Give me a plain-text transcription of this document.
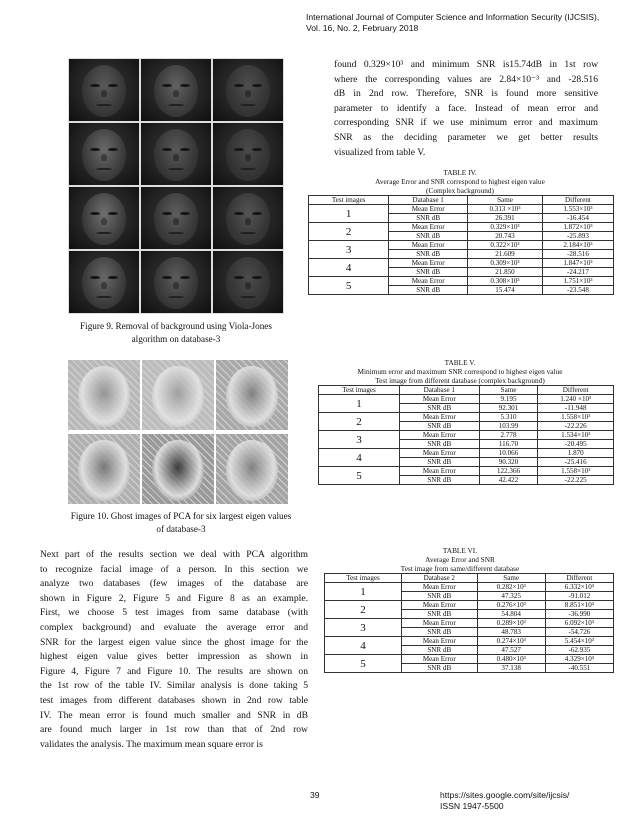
International Journal of Computer Science and Information Security (IJCSIS),
Vol. 16, No. 2, February 2018
Figure 9. Removal of background using Viola-Jones
algorithm on database-3
Figure 10. Ghost images of PCA for six largest eigen values
of database-3
Next part of the results section we deal with PCA algorithm
to recognize facial image of a person. In this section we
analyze two databases (few images of the database are
shown in Figure 2, Figure 5 and Figure 8 as an example.
First, we choose 5 test images from same database (with
complex background) and evaluate the average error and
SNR for the largest eigen value since the ghost image for the
highest eigen value gives better impression as shown in
Figure 4, Figure 7 and Figure 10. The results are shown on
the 1st row of the table IV. Similar analysis is done taking 5
test images from different databases shown in 2nd row table
IV. The mean error is found much smaller and SNR in dB
are found much larger in 1st row than that of 2nd row
validates the analysis. The maximum mean square error is
found 0.329×10³ and minimum SNR is15.74dB in 1st row
where the corresponding values are 2.84×10⁻³ and -28.516
dB in 2nd row. Therefore, SNR is found more sensitive
parameter to identify a face. Instead of mean error and
corresponding SNR if we use minimum error and maximum
SNR as the deciding parameter we get better results
visualized from table V.
TABLE IV.
Average Error and SNR correspond to highest eigen value
(Complex background)
Test images	Database 1	Same	Different
1	Mean Error	0.313 ×10³	1.553×10³
	SNR dB	26.391	-16.454
2	Mean Error	0.329×10³	1.872×10³
	SNR dB	20.743	-25.893
3	Mean Error	0.322×10³	2.184×10³
	SNR dB	21.609	-28.516
4	Mean Error	0.309×10³	1.847×10³
	SNR dB	21.850	-24.217
5	Mean Error	0.308×10³	1.751×10³
	SNR dB	15.474	-23.548
TABLE V.
Minimum error and maximum SNR correspond to highest eigen value
Test image from different database (complex background)
Test images	Database 1	Same	Different
1	Mean Error	9.195	1.240 ×10³
	SNR dB	92.301	-11.948
2	Mean Error	5.310	1.558×10³
	SNR dB	103.99	-22.226
3	Mean Error	2.778	1.534×10³
	SNR dB	116.70	-20.495
4	Mean Error	10.066	1.870
	SNR dB	90.320	-25.416
5	Mean Error	122.366	1.558×10³
	SNR dB	42.422	-22.225
TABLE VI.
Average Error and SNR
Test image from same/different database
Test images	Database 2	Same	Different
1	Mean Error	0.282×10³	6.332×10³
	SNR dB	47.325	-91.012
2	Mean Error	0.276×10³	8.851×10³
	SNR dB	54.804	-36.990
3	Mean Error	0.289×10³	6.092×10³
	SNR dB	48.783	-54.726
4	Mean Error	0.274×10³	5.454×10³
	SNR dB	47.527	-62.935
5	Mean Error	0.480×10³	4.329×10³
	SNR dB	37.138	-40.551
39	https://sites.google.com/site/ijcsis/
ISSN 1947-5500
